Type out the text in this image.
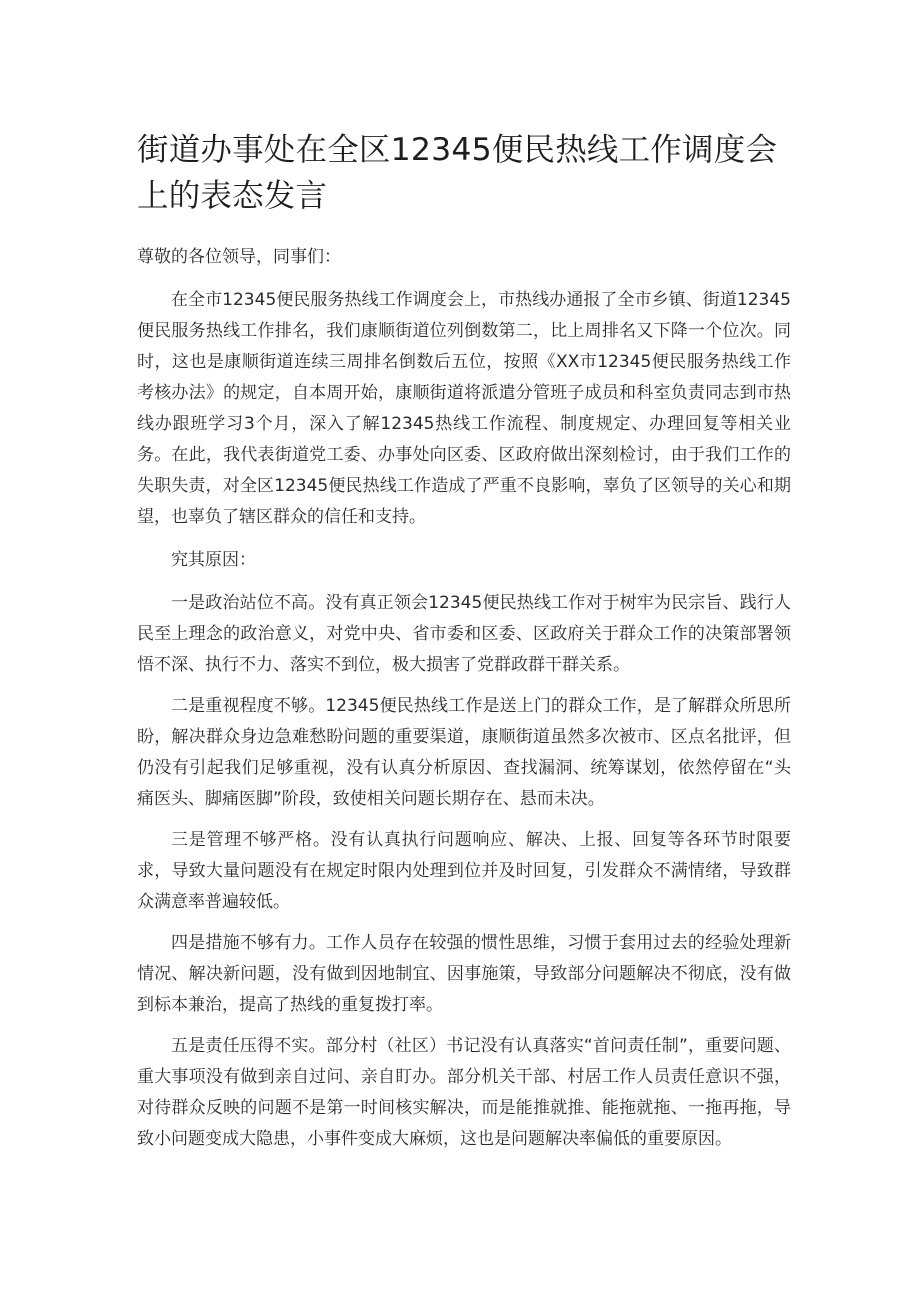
街道办事处在全区12345便民热线工作调度会上的表态发言

尊敬的各位领导，同事们：

在全市12345便民服务热线工作调度会上，市热线办通报了全市乡镇、街道12345便民服务热线工作排名，我们康顺街道位列倒数第二，比上周排名又下降一个位次。同时，这也是康顺街道连续三周排名倒数后五位，按照《XX市12345便民服务热线工作考核办法》的规定，自本周开始，康顺街道将派遣分管班子成员和科室负责同志到市热线办跟班学习3个月，深入了解12345热线工作流程、制度规定、办理回复等相关业务。在此，我代表街道党工委、办事处向区委、区政府做出深刻检讨，由于我们工作的失职失责，对全区12345便民热线工作造成了严重不良影响，辜负了区领导的关心和期望，也辜负了辖区群众的信任和支持。

究其原因：

一是政治站位不高。没有真正领会12345便民热线工作对于树牢为民宗旨、践行人民至上理念的政治意义，对党中央、省市委和区委、区政府关于群众工作的决策部署领悟不深、执行不力、落实不到位，极大损害了党群政群干群关系。

二是重视程度不够。12345便民热线工作是送上门的群众工作，是了解群众所思所盼，解决群众身边急难愁盼问题的重要渠道，康顺街道虽然多次被市、区点名批评，但仍没有引起我们足够重视，没有认真分析原因、查找漏洞、统筹谋划，依然停留在“头痛医头、脚痛医脚”阶段，致使相关问题长期存在、悬而未决。

三是管理不够严格。没有认真执行问题响应、解决、上报、回复等各环节时限要求，导致大量问题没有在规定时限内处理到位并及时回复，引发群众不满情绪，导致群众满意率普遍较低。

四是措施不够有力。工作人员存在较强的惯性思维，习惯于套用过去的经验处理新情况、解决新问题，没有做到因地制宜、因事施策，导致部分问题解决不彻底，没有做到标本兼治，提高了热线的重复拨打率。

五是责任压得不实。部分村（社区）书记没有认真落实“首问责任制”，重要问题、重大事项没有做到亲自过问、亲自盯办。部分机关干部、村居工作人员责任意识不强，对待群众反映的问题不是第一时间核实解决，而是能推就推、能拖就拖、一拖再拖，导致小问题变成大隐患，小事件变成大麻烦，这也是问题解决率偏低的重要原因。
